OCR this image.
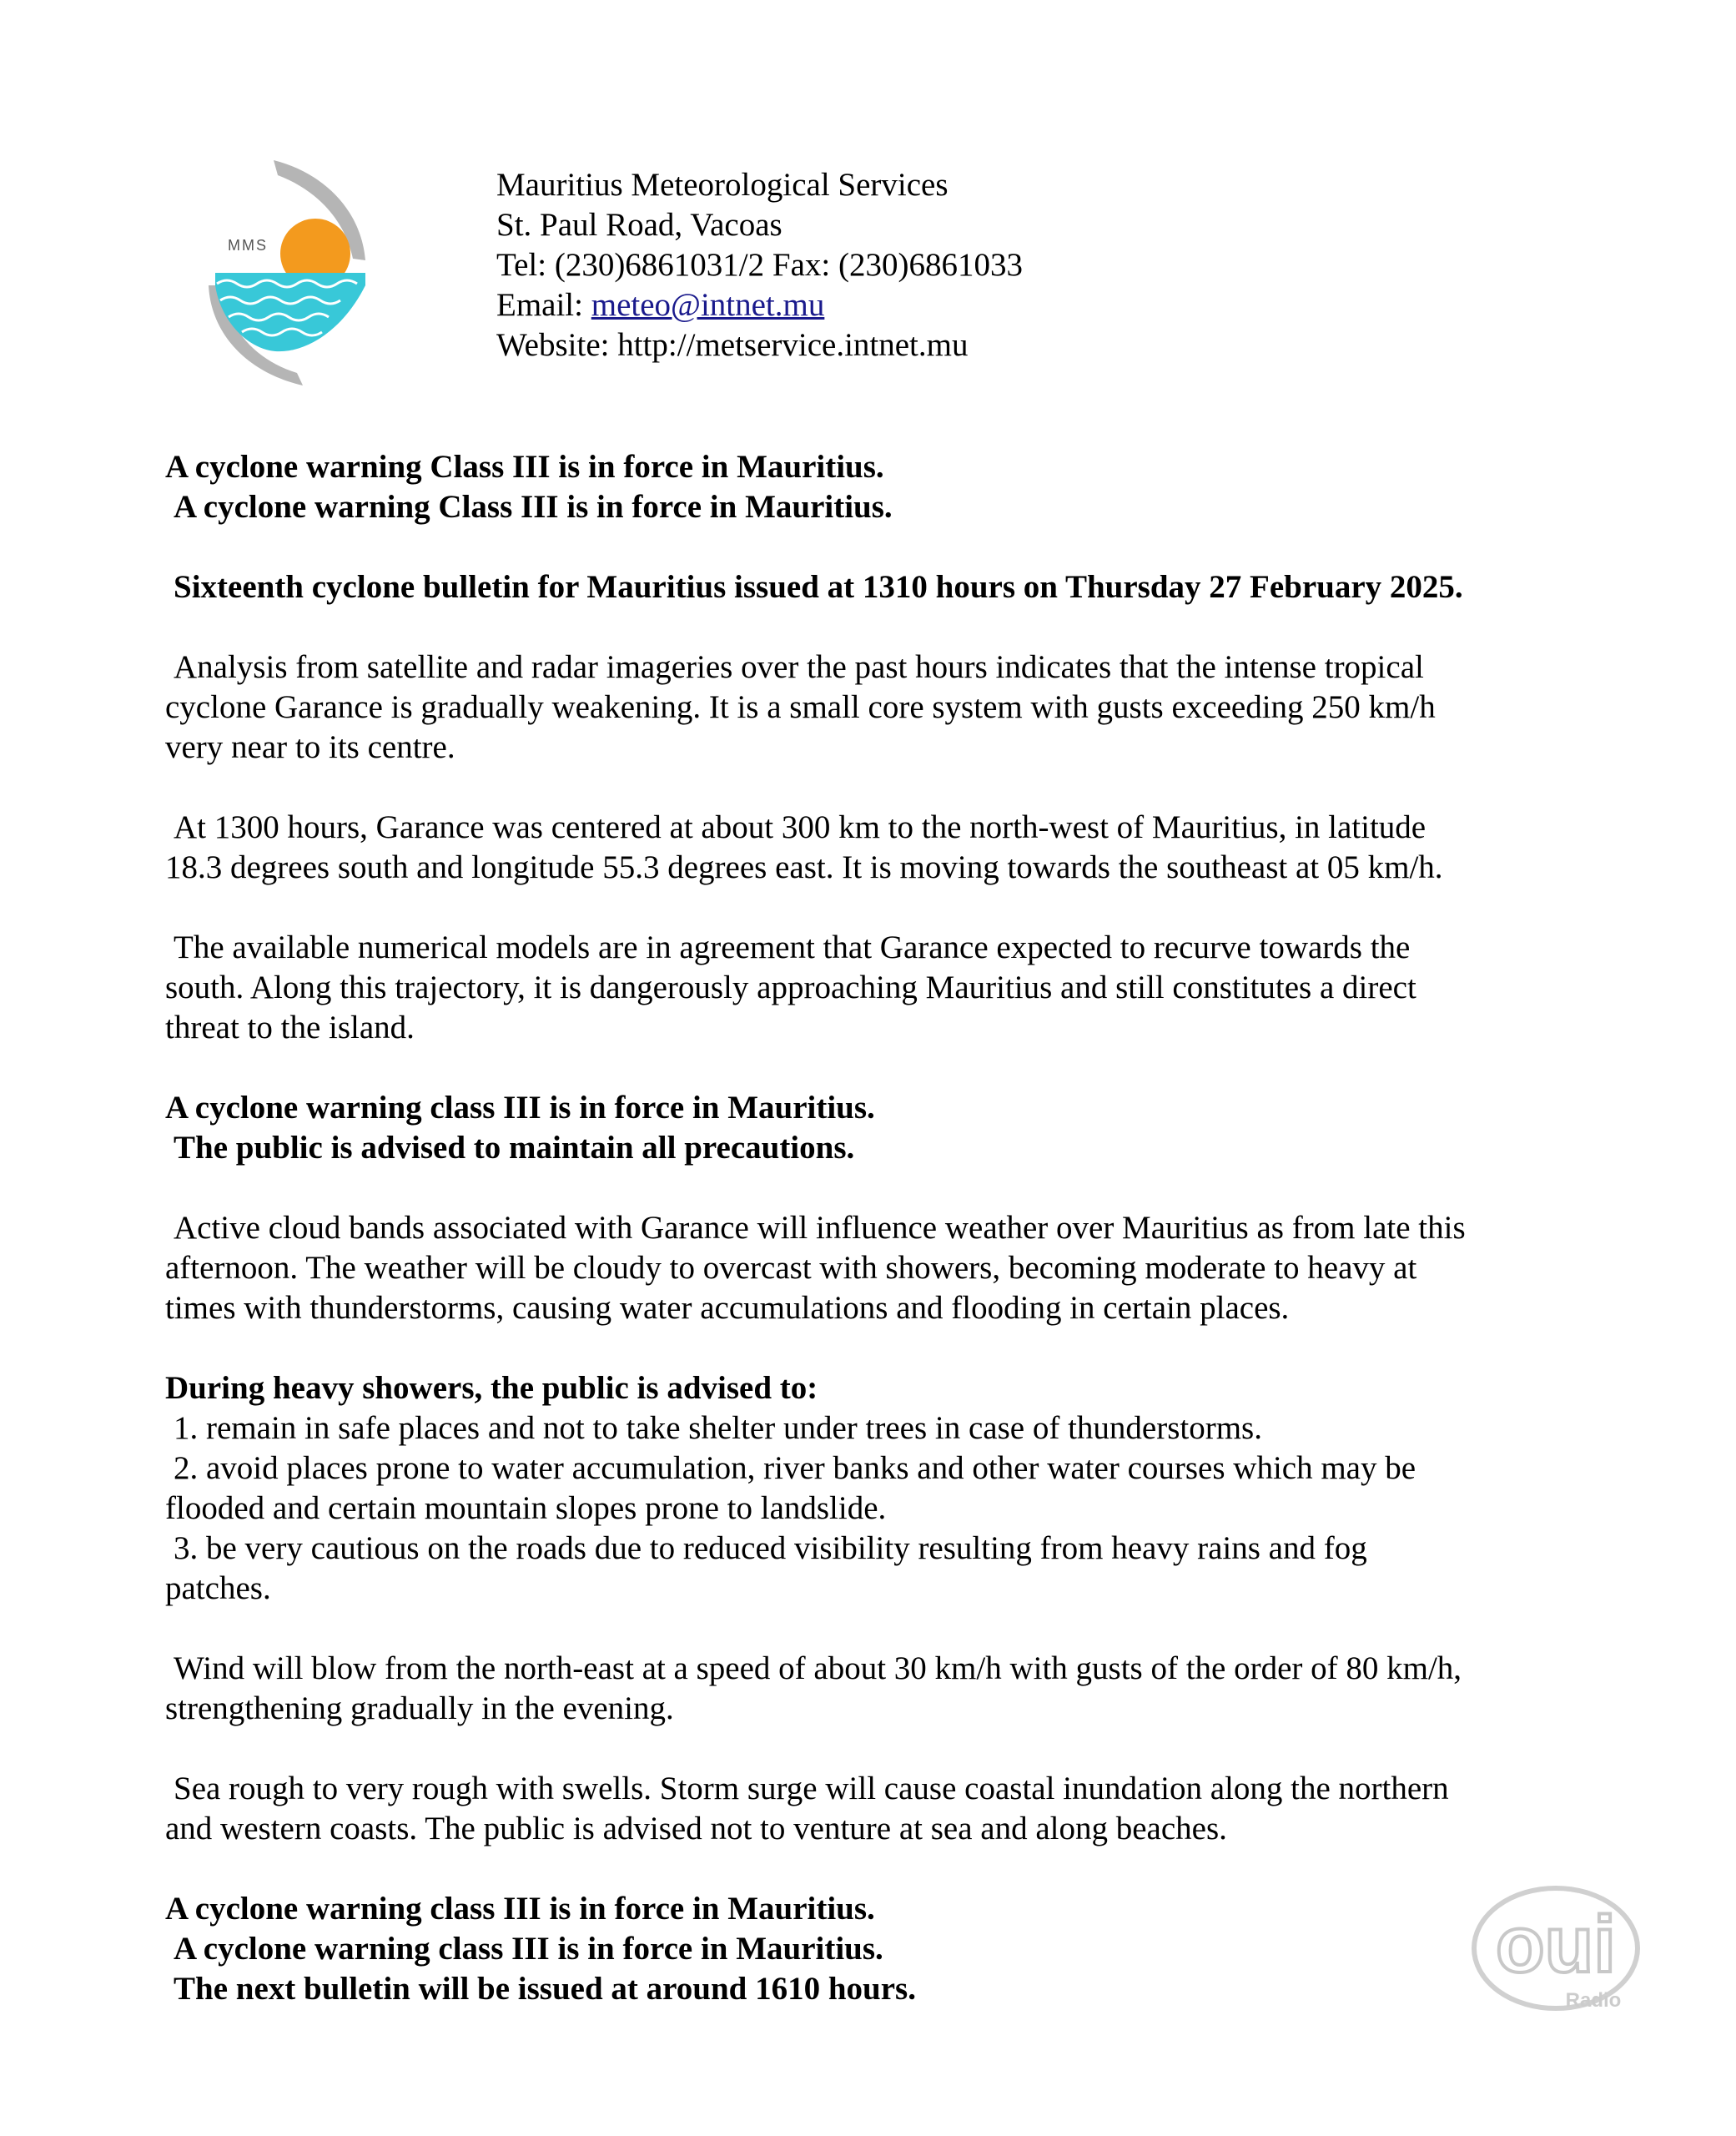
MMS
Mauritius Meteorological Services
St. Paul Road, Vacoas
Tel: (230)6861031/2 Fax: (230)6861033
Email: meteo@intnet.mu
Website: http://metservice.intnet.mu
A cyclone warning Class III is in force in Mauritius.
A cyclone warning Class III is in force in Mauritius.
Sixteenth cyclone bulletin for Mauritius issued at 1310 hours on Thursday 27 February 2025.
Analysis from satellite and radar imageries over the past hours indicates that the intense tropical
cyclone Garance is gradually weakening. It is a small core system with gusts exceeding 250 km/h
very near to its centre.
At 1300 hours, Garance was centered at about 300 km to the north-west of Mauritius, in latitude
18.3 degrees south and longitude 55.3 degrees east. It is moving towards the southeast at 05 km/h.
The available numerical models are in agreement that Garance expected to recurve towards the
south. Along this trajectory, it is dangerously approaching Mauritius and still constitutes a direct
threat to the island.
A cyclone warning class III is in force in Mauritius.
The public is advised to maintain all precautions.
Active cloud bands associated with Garance will influence weather over Mauritius as from late this
afternoon. The weather will be cloudy to overcast with showers, becoming moderate to heavy at
times with thunderstorms, causing water accumulations and flooding in certain places.
During heavy showers, the public is advised to:
1. remain in safe places and not to take shelter under trees in case of thunderstorms.
2. avoid places prone to water accumulation, river banks and other water courses which may be
flooded and certain mountain slopes prone to landslide.
3. be very cautious on the roads due to reduced visibility resulting from heavy rains and fog
patches.
Wind will blow from the north-east at a speed of about 30 km/h with gusts of the order of 80 km/h,
strengthening gradually in the evening.
Sea rough to very rough with swells. Storm surge will cause coastal inundation along the northern
and western coasts. The public is advised not to venture at sea and along beaches.
A cyclone warning class III is in force in Mauritius.
A cyclone warning class III is in force in Mauritius.
The next bulletin will be issued at around 1610 hours.	oui
Radio
